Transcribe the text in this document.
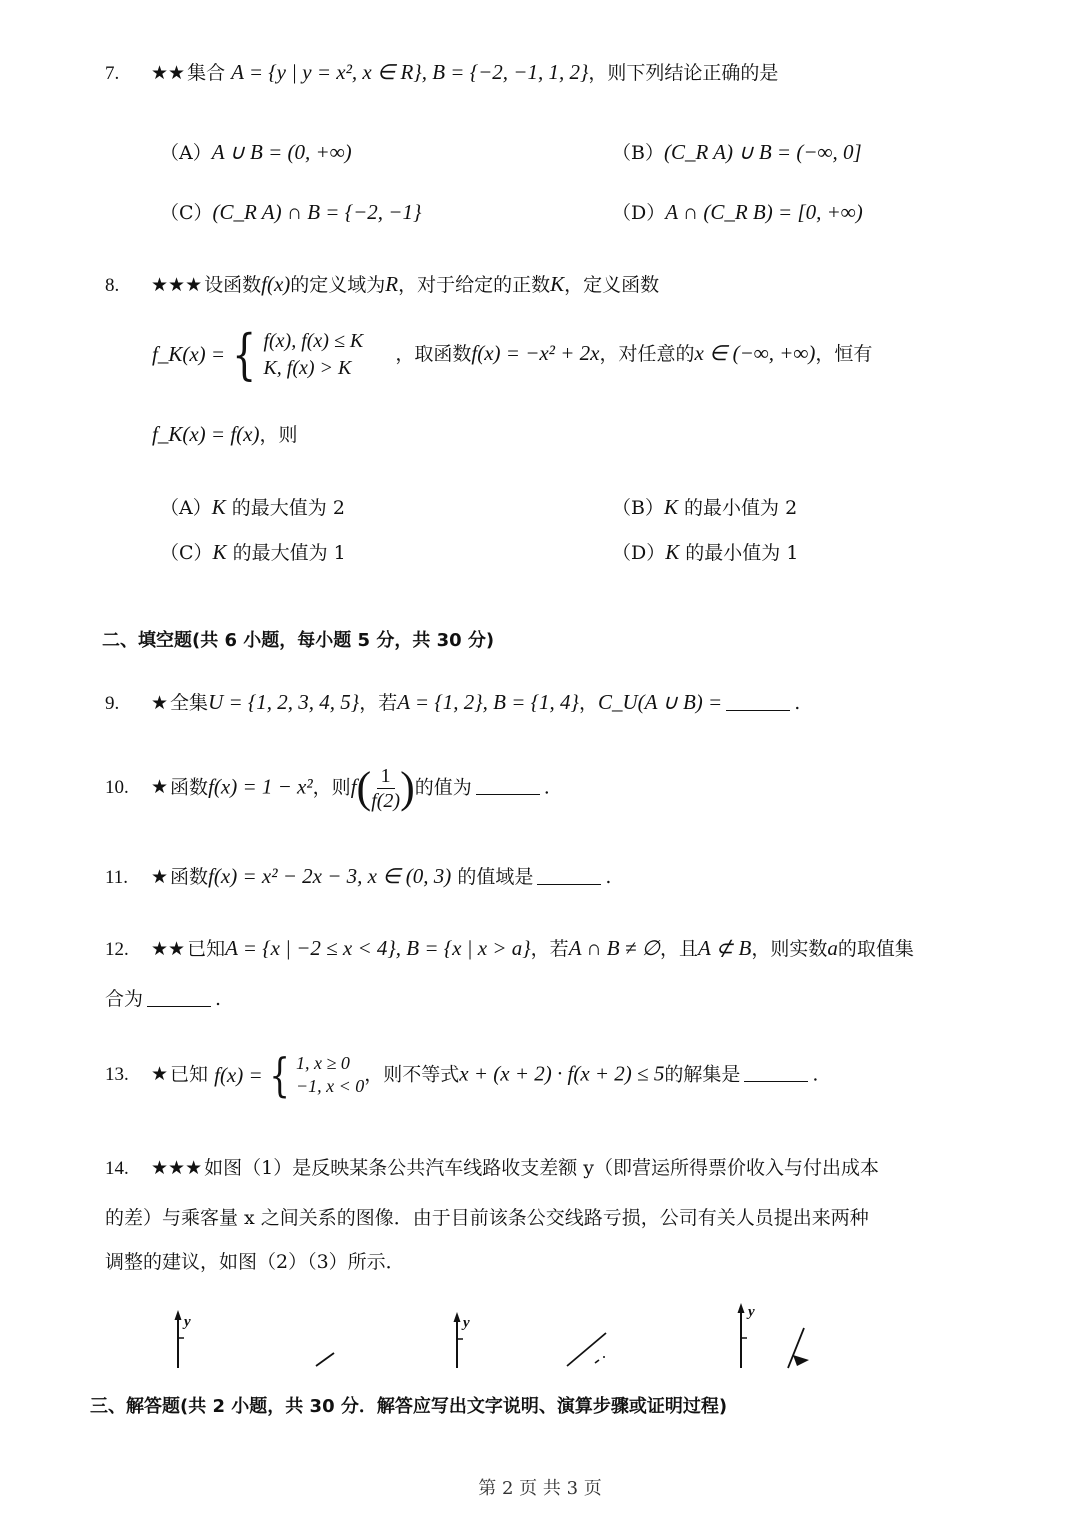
7. ★★ 集合 A = {y | y = x², x ∈ R}, B = {−2, −1, 1, 2}，则下列结论正确的是
（A）A ∪ B = (0, +∞)	（B）(C_R A) ∪ B = (−∞, 0]
（C）(C_R A) ∩ B = {−2, −1}	（D）A ∩ (C_R B) = [0, +∞)
8. ★★★ 设函数f(x)的定义域为R，对于给定的正数K，定义函数
f_K(x) = { f(x), f(x) ≤ K
K, f(x) > K
，取函数f(x) = −x² + 2x，对任意的x ∈ (−∞, +∞)，恒有
f_K(x) = f(x)，则
（A）K 的最大值为 2	（B）K 的最小值为 2
（C）K 的最大值为 1	（D）K 的最小值为 1
二、填空题(共 6 小题，每小题 5 分，共 30 分)
9. ★ 全集U = {1, 2, 3, 4, 5}，若A = {1, 2}, B = {1, 4}，C_U(A ∪ B) =	.
10. ★ 函数f(x) = 1 − x²，则$f( \frac{1}{f(2)}$ )的值为	.
11. ★ 函数f(x) = x² − 2x − 3, x ∈ (0, 3) 的值域是	.
12. ★★ 已知A = {x | −2 ≤ x < 4}, B = {x | x > a}，若A ∩ B ≠ ∅，且A ⊄ B，则实数a的取值集
合为	.
13. ★ 已知 f(x) = { 1, x ≥ 0
−1, x < 0
，则不等式x + (x + 2) · f(x + 2) ≤ 5的解集是	.
14. ★★★ 如图（1）是反映某条公共汽车线路收支差额 y（即营运所得票价收入与付出成本
的差）与乘客量 x 之间关系的图像．由于目前该条公交线路亏损，公司有关人员提出来两种
调整的建议，如图（2）（3）所示．
y	y
y
三、解答题(共 2 小题，共 30 分．解答应写出文字说明、演算步骤或证明过程)
第 2 页 共 3 页
